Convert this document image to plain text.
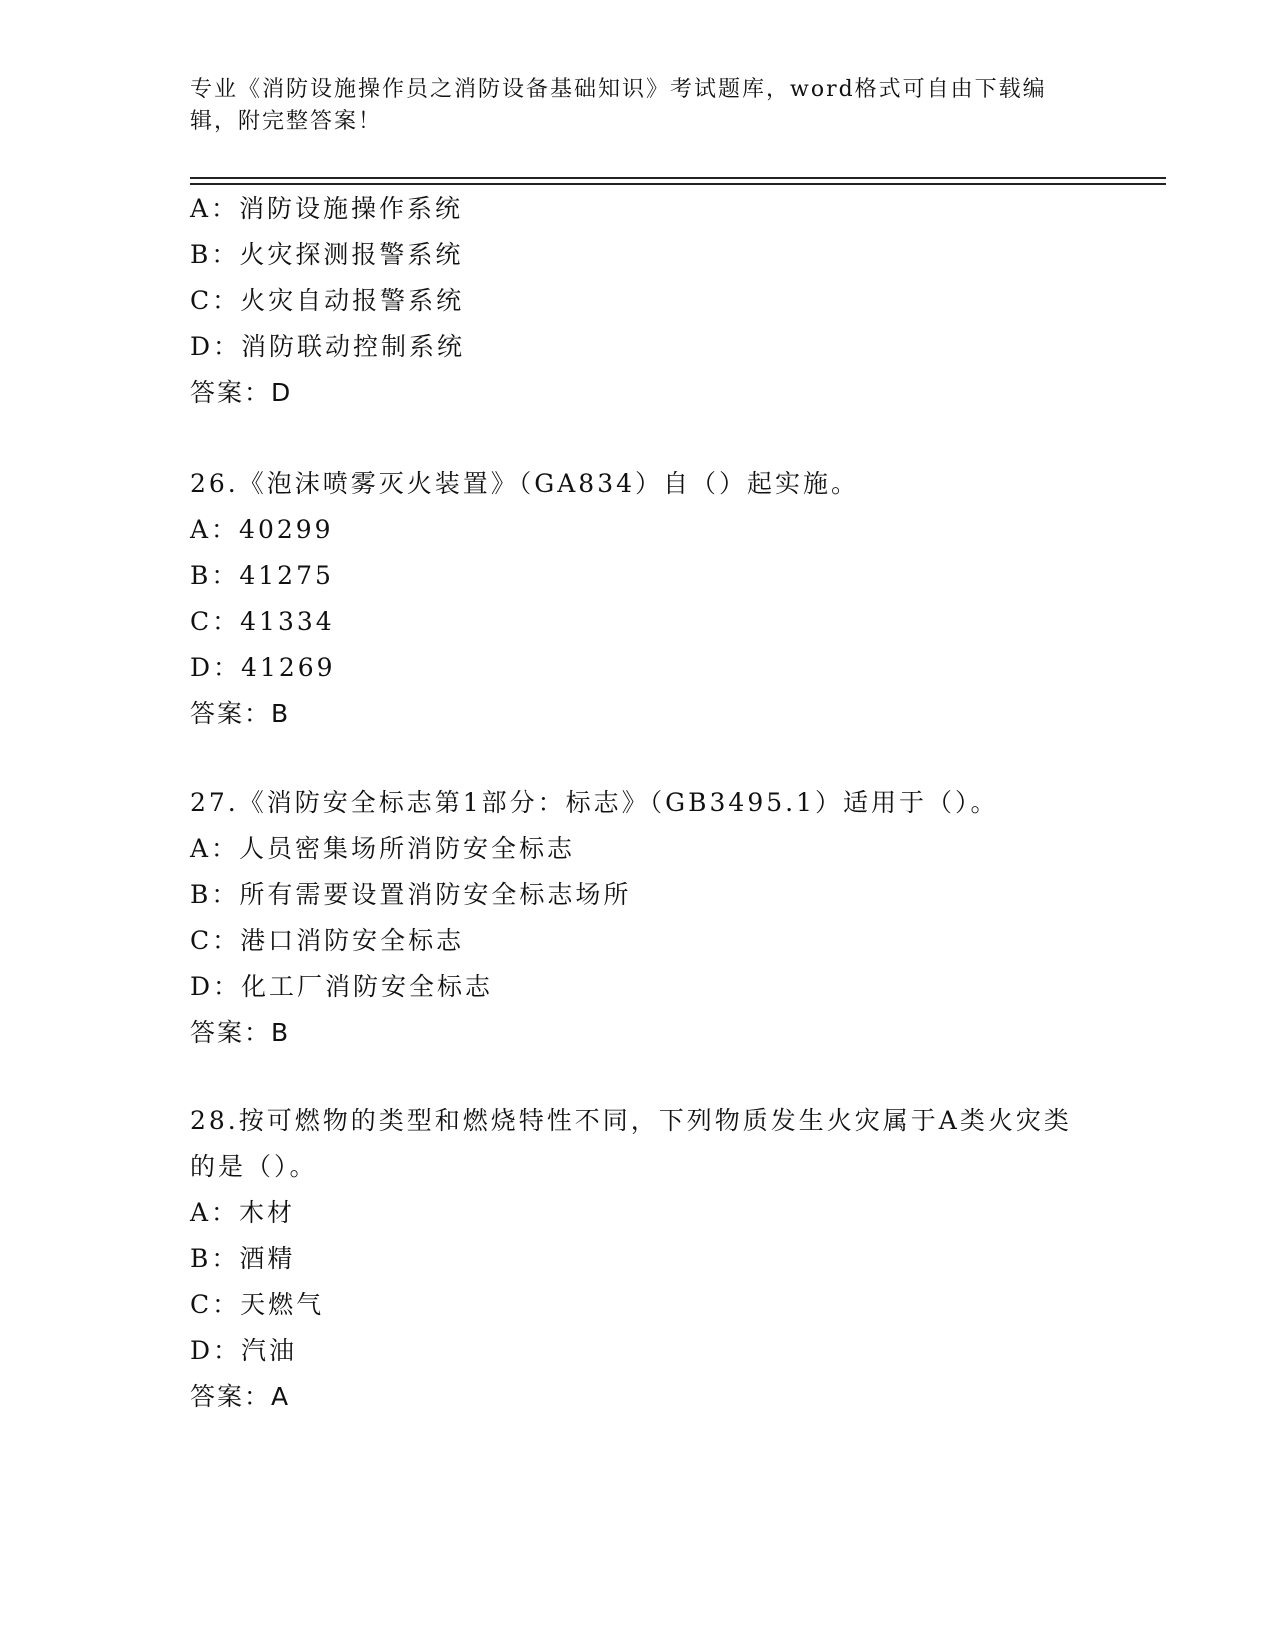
专业《消防设施操作员之消防设备基础知识》考试题库，word格式可自由下载编辑，附完整答案！
A：消防设施操作系统
B：火灾探测报警系统
C：火灾自动报警系统
D：消防联动控制系统
答案：D
26.《泡沫喷雾灭火装置》（GA834）自（）起实施。
A：40299
B：41275
C：41334
D：41269
答案：B
27.《消防安全标志第1部分：标志》（GB3495.1）适用于（）。
A：人员密集场所消防安全标志
B：所有需要设置消防安全标志场所
C：港口消防安全标志
D：化工厂消防安全标志
答案：B
28.按可燃物的类型和燃烧特性不同，下列物质发生火灾属于A类火灾类的是（）。
A：木材
B：酒精
C：天燃气
D：汽油
答案：A
